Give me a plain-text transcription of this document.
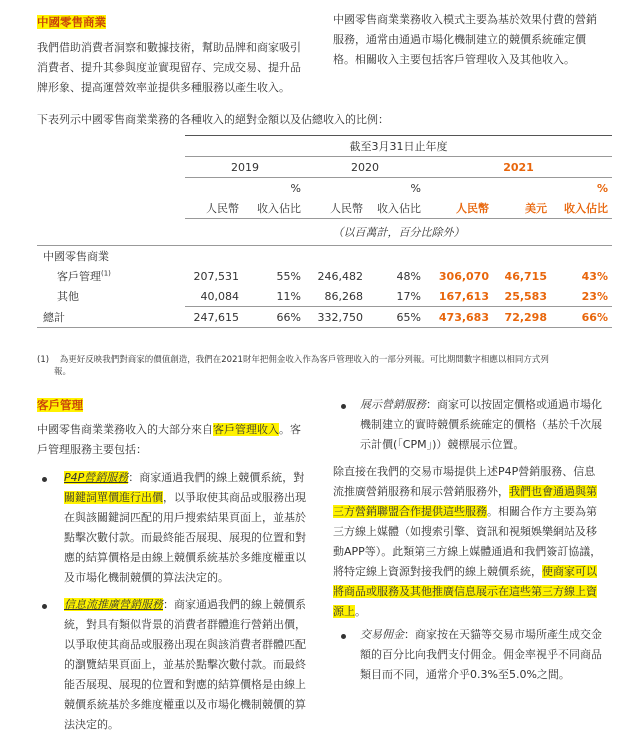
中國零售商業
我們借助消費者洞察和數據技術，幫助品牌和商家吸引
消費者、提升其參與度並實現留存、完成交易、提升品
牌形象、提高運營效率並提供多種服務以產生收入。
中國零售商業業務收入模式主要為基於效果付費的營銷
服務，通常由通過市場化機制建立的競價系統確定價
格。相關收入主要包括客戶管理收入及其他收入。
下表列示中國零售商業業務的各種收入的絕對金額以及佔總收入的比例：
	截至3月31日止年度						
	2019		2020		2021		
		%		%			%
	人民幣	收入佔比	人民幣	收入佔比	人民幣	美元	收入佔比
	（以百萬計，百分比除外）						
中國零售商業							
客戶管理$^{(1)}$	207,531	55%	246,482	48%	306,070	46,715	43%
其他	40,084	11%	86,268	17%	167,613	25,583	23%
總計	247,615	66%	332,750	65%	473,683	72,298	66%
(1) 為更好反映我們對商家的價值創造，我們在2021財年把佣金收入作為客戶管理收入的一部分列報。可比期間數字相應以相同方式列
報。
客戶管理
中國零售商業業務收入的大部分來自客戶管理收入。客
戶管理服務主要包括：
P4P營銷服務：商家通過我們的線上競價系統，對
關鍵詞單價進行出價，以爭取使其商品或服務出現
在與該關鍵詞匹配的用戶搜索結果頁面上，並基於
點擊次數付款。而最終能否展現、展現的位置和對
應的結算價格是由線上競價系統基於多維度權重以
及市場化機制競價的算法決定的。
信息流推廣營銷服務：商家通過我們的線上競價系
統，對具有類似背景的消費者群體進行營銷出價，
以爭取使其商品或服務出現在與該消費者群體匹配
的瀏覽結果頁面上，並基於點擊次數付款。而最終
能否展現、展現的位置和對應的結算價格是由線上
競價系統基於多維度權重以及市場化機制競價的算
法決定的。
展示營銷服務：商家可以按固定價格或通過市場化
機制建立的實時競價系統確定的價格（基於千次展
示計價(「CPM」)）競標展示位置。
除直接在我們的交易市場提供上述P4P營銷服務、信息
流推廣營銷服務和展示營銷服務外，我們也會通過與第
三方營銷聯盟合作提供這些服務。相關合作方主要為第
三方線上媒體（如搜索引擎、資訊和視頻娛樂網站及移
動APP等）。此類第三方線上媒體通過和我們簽訂協議，
將特定線上資源對接我們的線上競價系統，使商家可以
將商品或服務及其他推廣信息展示在這些第三方線上資
源上。
交易佣金：商家按在天貓等交易市場所產生成交金
額的百分比向我們支付佣金。佣金率視乎不同商品
類目而不同，通常介乎0.3%至5.0%之間。
